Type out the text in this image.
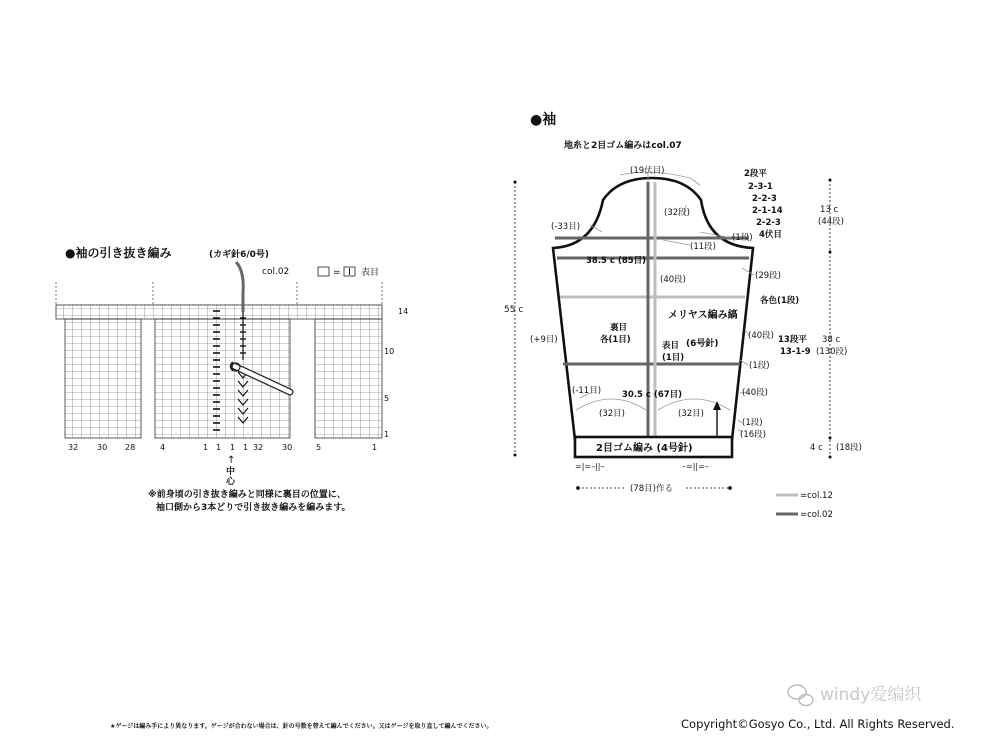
●袖の引き抜き編み	(カギ針6/0号)
col.02	= 表目
14
10
5
1
32 30 28	4	1 1 1 1 32 30	5	1
↑
中
心
※前身頃の引き抜き編みと同様に裏目の位置に、
袖口側から3本どりで引き抜き編みを編みます。
●袖
地糸と2目ゴム編みはcol.07
2目ゴム編み (4号針)
=|=–||–	–=||=–
(19伏目)
(32段)
(-33目)
(11段)
(1段)
38.5 c (85目)
(29段)
(40段)
各色(1段)
メリヤス編み縞
裏目
各(1目)
表目
(1目)
(6号針)
(40段)
(+9目)
(1段)
(40段)
(-11目) 30.5 c (67目)
(32目)	(32目)
(1段)
(16段)
(78目)作る
55 c
2段平
2-3-1
2-2-3
2-1-14
2-2-3
4伏目
13 c
(44段)
13段平
13-1-9
38 c
(130段)
4 c (18段)
=col.12
=col.02
windy爱编织
★ゲージは編み手により異なります。ゲージが合わない場合は、針の号数を替えて編んでください。又はゲージを取り直して編んでください。	Copyright©Gosyo Co., Ltd. All Rights Reserved.
